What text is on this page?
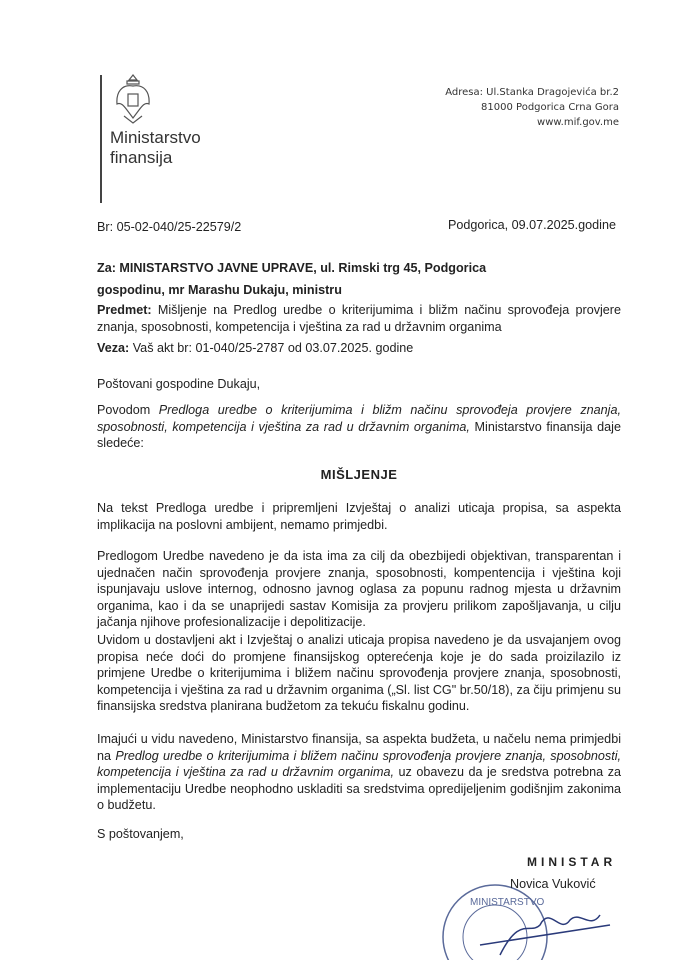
Ministarstvo
finansija
Adresa: Ul.Stanka Dragojevića br.2
81000 Podgorica Crna Gora
www.mif.gov.me
Br: 05-02-040/25-22579/2	Podgorica, 09.07.2025.godine
Za: MINISTARSTVO JAVNE UPRAVE, ul. Rimski trg 45, Podgorica
gospodinu, mr Marashu Dukaju, ministru
Predmet: Mišljenje na Predlog uredbe o kriterijumima i bližm načinu sprovođeja provjere znanja, sposobnosti, kompetencija i vještina za rad u državnim organima
Veza: Vaš akt br: 01-040/25-2787 od 03.07.2025. godine
Poštovani gospodine Dukaju,
Povodom Predloga uredbe o kriterijumima i bližm načinu sprovođeja provjere znanja, sposobnosti, kompetencija i vještina za rad u državnim organima, Ministarstvo finansija daje sledeće:
MIŠLJENJE
Na tekst Predloga uredbe i pripremljeni Izvještaj o analizi uticaja propisa, sa aspekta implikacija na poslovni ambijent, nemamo primjedbi.
Predlogom Uredbe navedeno je da ista ima za cilj da obezbijedi objektivan, transparentan i ujednačen način sprovođenja provjere znanja, sposobnosti, kompentencija i vještina koji ispunjavaju uslove internog, odnosno javnog oglasa za popunu radnog mjesta u državnim organima, kao i da se unaprijedi sastav Komisija za provjeru prilikom zapošljavanja, u cilju jačanja njihove profesionalizacije i depolitizacije.
Uvidom u dostavljeni akt i Izvještaj o analizi uticaja propisa navedeno je da usvajanjem ovog propisa neće doći do promjene finansijskog opterećenja koje je do sada proizilazilo iz primjene Uredbe o kriterijumima i bližem načinu sprovođenja provjere znanja, sposobnosti, kompetencija i vještina za rad u državnim organima („Sl. list CG" br.50/18), za čiju primjenu su finansijska sredstva planirana budžetom za tekuću fiskalnu godinu.
Imajući u vidu navedeno, Ministarstvo finansija, sa aspekta budžeta, u načelu nema primjedbi na Predlog uredbe o kriterijumima i bližem načinu sprovođenja provjere znanja, sposobnosti, kompetencija i vještina za rad u državnim organima, uz obavezu da je sredstva potrebna za implementaciju Uredbe neophodno uskladiti sa sredstvima opredijeljenim godišnjim zakonima o budžetu.
S poštovanjem,
MINISTAR
MINISTARSTVO
Novica Vuković
